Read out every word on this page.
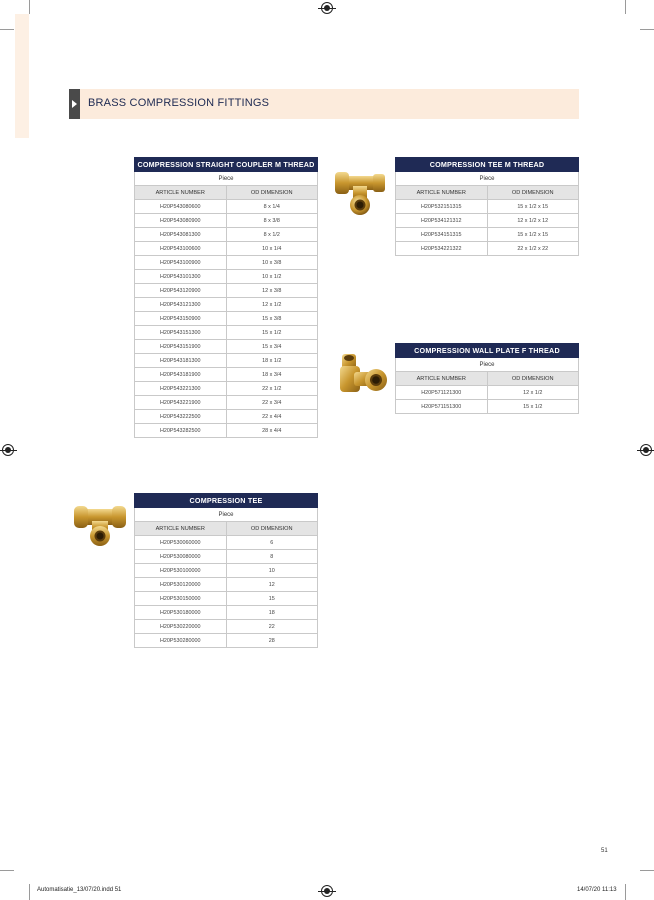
BRASS COMPRESSION FITTINGS
COMPRESSION STRAIGHT COUPLER M THREAD	
Piece	
ARTICLE NUMBER	OD DIMENSION
H20P543080600	8 x 1/4
H20P543080900	8 x 3/8
H20P543081300	8 x 1/2
H20P543100600	10 x 1/4
H20P543100900	10 x 3/8
H20P543101300	10 x 1/2
H20P543120900	12 x 3/8
H20P543121300	12 x 1/2
H20P543150900	15 x 3/8
H20P543151300	15 x 1/2
H20P543151900	15 x 3/4
H20P543181300	18 x 1/2
H20P543181900	18 x 3/4
H20P543221300	22 x 1/2
H20P543221900	22 x 3/4
H20P543222500	22 x 4/4
H20P543282500	28 x 4/4
COMPRESSION TEE M THREAD	
Piece	
ARTICLE NUMBER	OD DIMENSION
H20P532151315	15 x 1/2 x 15
H20P534121312	12 x 1/2 x 12
H20P534151315	15 x 1/2 x 15
H20P534221322	22 x 1/2 x 22
COMPRESSION WALL PLATE F THREAD	
Piece	
ARTICLE NUMBER	OD DIMENSION
H20P571121300	12 x 1/2
H20P571151300	15 x 1/2
COMPRESSION TEE	
Piece	
ARTICLE NUMBER	OD DIMENSION
H20P530060000	6
H20P530080000	8
H20P530100000	10
H20P530120000	12
H20P530150000	15
H20P530180000	18
H20P530220000	22
H20P530280000	28
51
Automatisatie_13/07/20.indd 51	14/07/20 11:13
